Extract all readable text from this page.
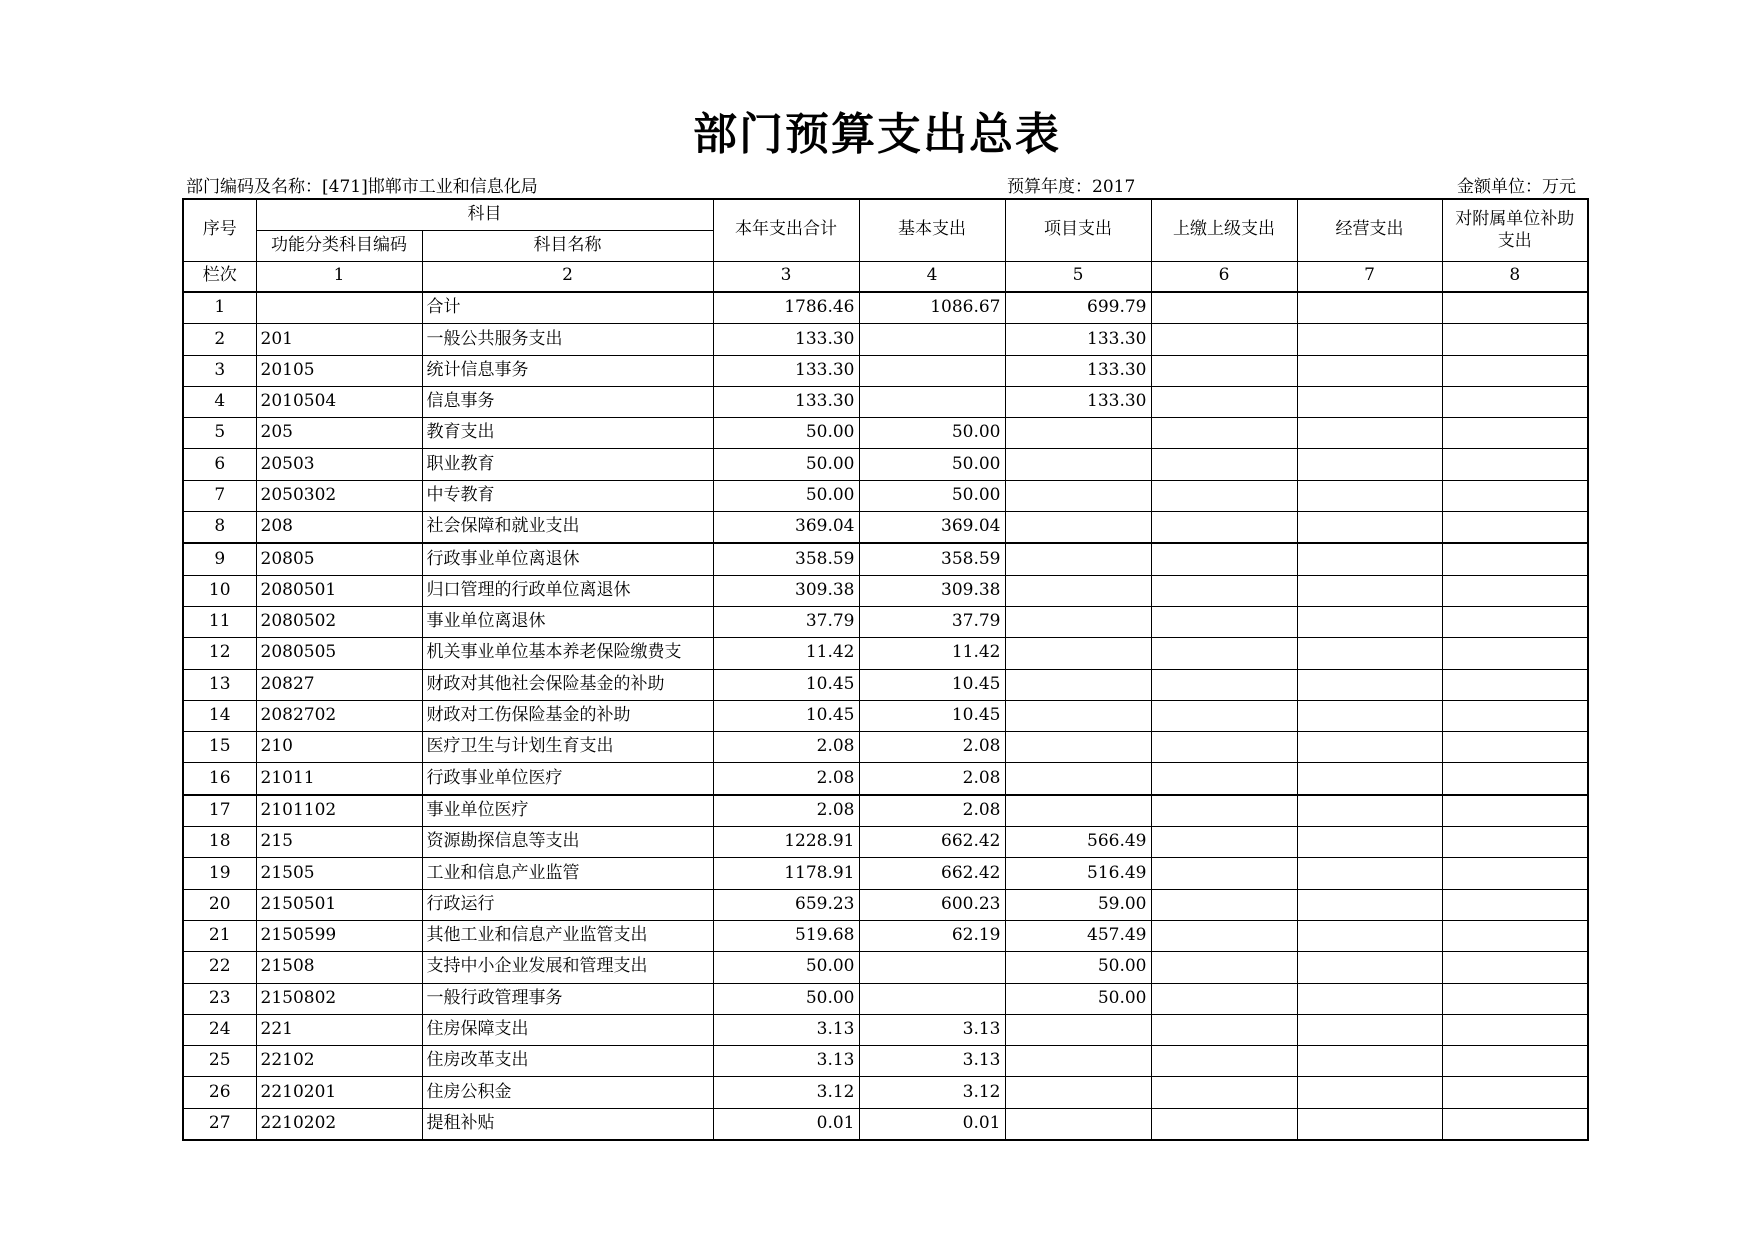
部门预算支出总表
部门编码及名称：[471]邯郸市工业和信息化局	预算年度：2017	金额单位：万元
序号	科目		本年支出合计	基本支出	项目支出	上缴上级支出	经营支出	对附属单位补助支出
	功能分类科目编码	科目名称						
栏次	1	2	3	4	5	6	7	8
1		合计	1786.46	1086.67	699.79			
2	201	一般公共服务支出	133.30		133.30			
3	20105	统计信息事务	133.30		133.30			
4	2010504	信息事务	133.30		133.30			
5	205	教育支出	50.00	50.00				
6	20503	职业教育	50.00	50.00				
7	2050302	中专教育	50.00	50.00				
8	208	社会保障和就业支出	369.04	369.04				
9	20805	行政事业单位离退休	358.59	358.59				
10	2080501	归口管理的行政单位离退休	309.38	309.38				
11	2080502	事业单位离退休	37.79	37.79				
12	2080505	机关事业单位基本养老保险缴费支	11.42	11.42				
13	20827	财政对其他社会保险基金的补助	10.45	10.45				
14	2082702	财政对工伤保险基金的补助	10.45	10.45				
15	210	医疗卫生与计划生育支出	2.08	2.08				
16	21011	行政事业单位医疗	2.08	2.08				
17	2101102	事业单位医疗	2.08	2.08				
18	215	资源勘探信息等支出	1228.91	662.42	566.49			
19	21505	工业和信息产业监管	1178.91	662.42	516.49			
20	2150501	行政运行	659.23	600.23	59.00			
21	2150599	其他工业和信息产业监管支出	519.68	62.19	457.49			
22	21508	支持中小企业发展和管理支出	50.00		50.00			
23	2150802	一般行政管理事务	50.00		50.00			
24	221	住房保障支出	3.13	3.13				
25	22102	住房改革支出	3.13	3.13				
26	2210201	住房公积金	3.12	3.12				
27	2210202	提租补贴	0.01	0.01				
